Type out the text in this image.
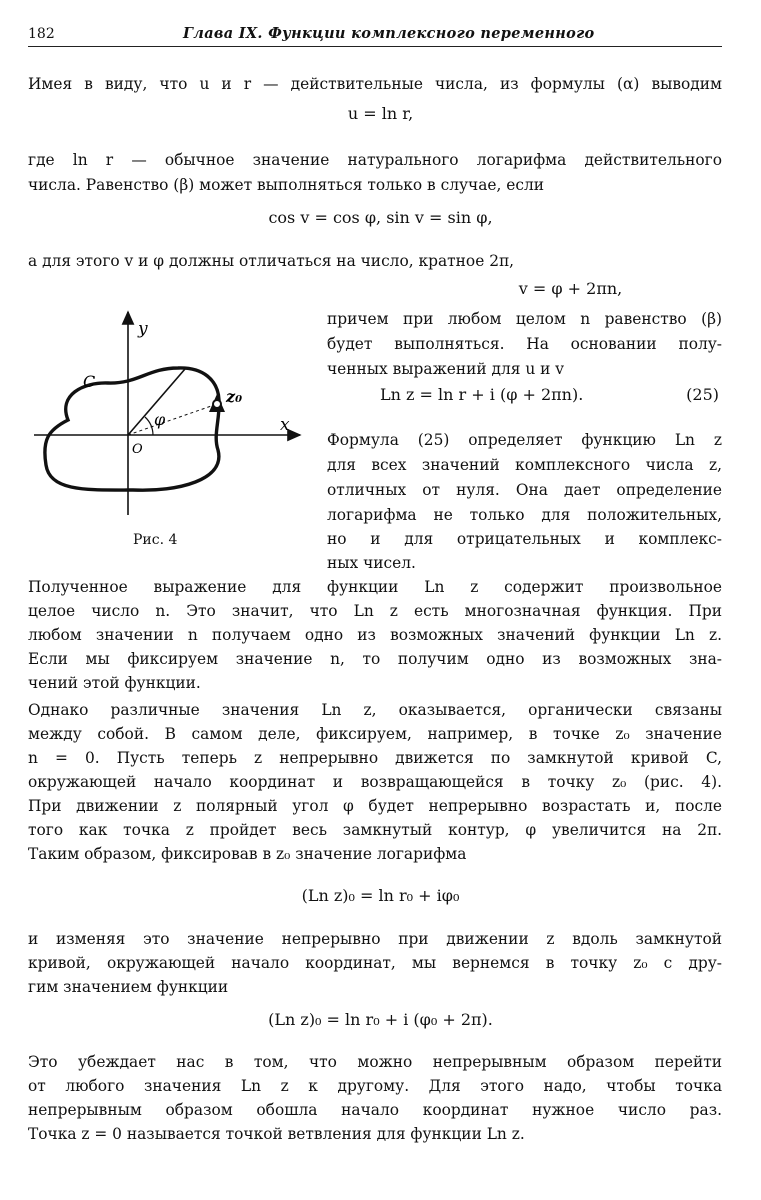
182	Глава IX. Функции комплексного переменного
Имея в виду, что u и r — действительные числа, из формулы (α) выводим
u = ln r,
где ln r — обычное значение натурального логарифма действительного
числа. Равенство (β) может выполняться только в случае, если
cos v = cos φ, sin v = sin φ,
а для этого v и φ должны отличаться на число, кратное 2π,
v = φ + 2πn,
причем при любом целом n равенство (β)
будет выполняться. На основании полу-
ченных выражений для u и v
Ln z = ln r + i (φ + 2πn).	(25)
Формула (25) определяет функцию Ln z
для всех значений комплексного числа z,
отличных от нуля. Она дает определение
логарифма не только для положительных,
но и для отрицательных и комплекс-
ных чисел.
y
x
C
z₀
φ
O
Рис. 4
Полученное выражение для функции Ln z содержит произвольное
целое число n. Это значит, что Ln z есть многозначная функция. При
любом значении n получаем одно из возможных значений функции Ln z.
Если мы фиксируем значение n, то получим одно из возможных зна-
чений этой функции.
Однако различные значения Ln z, оказывается, органически связаны
между собой. В самом деле, фиксируем, например, в точке z₀ значение
n = 0. Пусть теперь z непрерывно движется по замкнутой кривой C,
окружающей начало координат и возвращающейся в точку z₀ (рис. 4).
При движении z полярный угол φ будет непрерывно возрастать и, после
того как точка z пройдет весь замкнутый контур, φ увеличится на 2π.
Таким образом, фиксировав в z₀ значение логарифма
(Ln z)₀ = ln r₀ + iφ₀
и изменяя это значение непрерывно при движении z вдоль замкнутой
кривой, окружающей начало координат, мы вернемся в точку z₀ с дру-
гим значением функции
(Ln z)₀ = ln r₀ + i (φ₀ + 2π).
Это убеждает нас в том, что можно непрерывным образом перейти
от любого значения Ln z к другому. Для этого надо, чтобы точка
непрерывным образом обошла начало координат нужное число раз.
Точка z = 0 называется точкой ветвления для функции Ln z.
